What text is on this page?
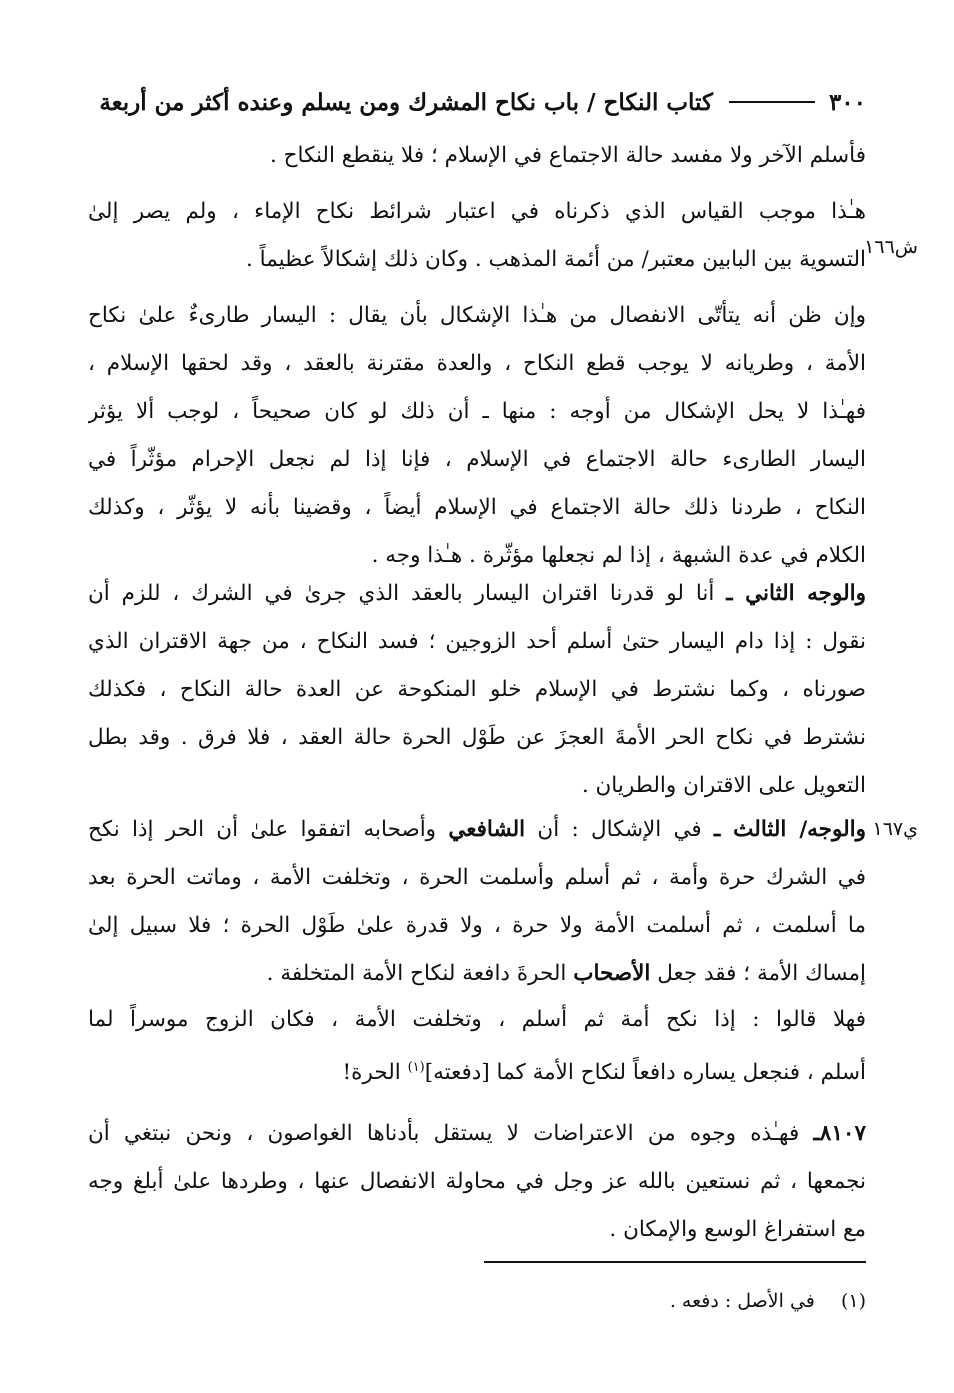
٣٠٠
كتاب النكاح / باب نكاح المشرك ومن يسلم وعنده أكثر من أربعة
ش١٦٦
ي١٦٧
فأسلم الآخر ولا مفسد حالة الاجتماع في الإسلام ؛ فلا ينقطع النكاح .
هـٰذا موجب القياس الذي ذكرناه في اعتبار شرائط نكاح الإماء ، ولم يصر إلىٰ
التسوية بين البابين معتبر/ من أئمة المذهب . وكان ذلك إشكالاً عظيماً .
وإن ظن أنه يتأتّى الانفصال من هـٰذا الإشكال بأن يقال : اليسار طارىءٌ علىٰ نكاح
الأمة ، وطريانه لا يوجب قطع النكاح ، والعدة مقترنة بالعقد ، وقد لحقها الإسلام ،
فهـٰذا لا يحل الإشكال من أوجه : منها ـ أن ذلك لو كان صحيحاً ، لوجب ألا يؤثر
اليسار الطارىء حالة الاجتماع في الإسلام ، فإنا إذا لم نجعل الإحرام مؤثّراً في
النكاح ، طردنا ذلك حالة الاجتماع في الإسلام أيضاً ، وقضينا بأنه لا يؤثّر ، وكذلك
الكلام في عدة الشبهة ، إذا لم نجعلها مؤثّرة . هـٰذا وجه .
والوجه الثاني ـ أنا لو قدرنا اقتران اليسار بالعقد الذي جرىٰ في الشرك ، للزم أن
نقول : إذا دام اليسار حتىٰ أسلم أحد الزوجين ؛ فسد النكاح ، من جهة الاقتران الذي
صورناه ، وكما نشترط في الإسلام خلو المنكوحة عن العدة حالة النكاح ، فكذلك
نشترط في نكاح الحر الأمةَ العجزَ عن طَوْل الحرة حالة العقد ، فلا فرق . وقد بطل
التعويل على الاقتران والطريان .
والوجه/ الثالث ـ في الإشكال : أن الشافعي وأصحابه اتفقوا علىٰ أن الحر إذا نكح
في الشرك حرة وأمة ، ثم أسلم وأسلمت الحرة ، وتخلفت الأمة ، وماتت الحرة بعد
ما أسلمت ، ثم أسلمت الأمة ولا حرة ، ولا قدرة علىٰ طَوْل الحرة ؛ فلا سبيل إلىٰ
إمساك الأمة ؛ فقد جعل الأصحاب الحرةَ دافعة لنكاح الأمة المتخلفة .
فهلا قالوا : إذا نكح أمة ثم أسلم ، وتخلفت الأمة ، فكان الزوج موسراً لما
أسلم ، فنجعل يساره دافعاً لنكاح الأمة كما [دفعته]$^{(١)}$ الحرة!
٨١٠٧ـ فهـٰذه وجوه من الاعتراضات لا يستقل بأدناها الغواصون ، ونحن نبتغي أن
نجمعها ، ثم نستعين بالله عز وجل في محاولة الانفصال عنها ، وطردها علىٰ أبلغ وجه
مع استفراغ الوسع والإمكان .
(١) في الأصل : دفعه .
